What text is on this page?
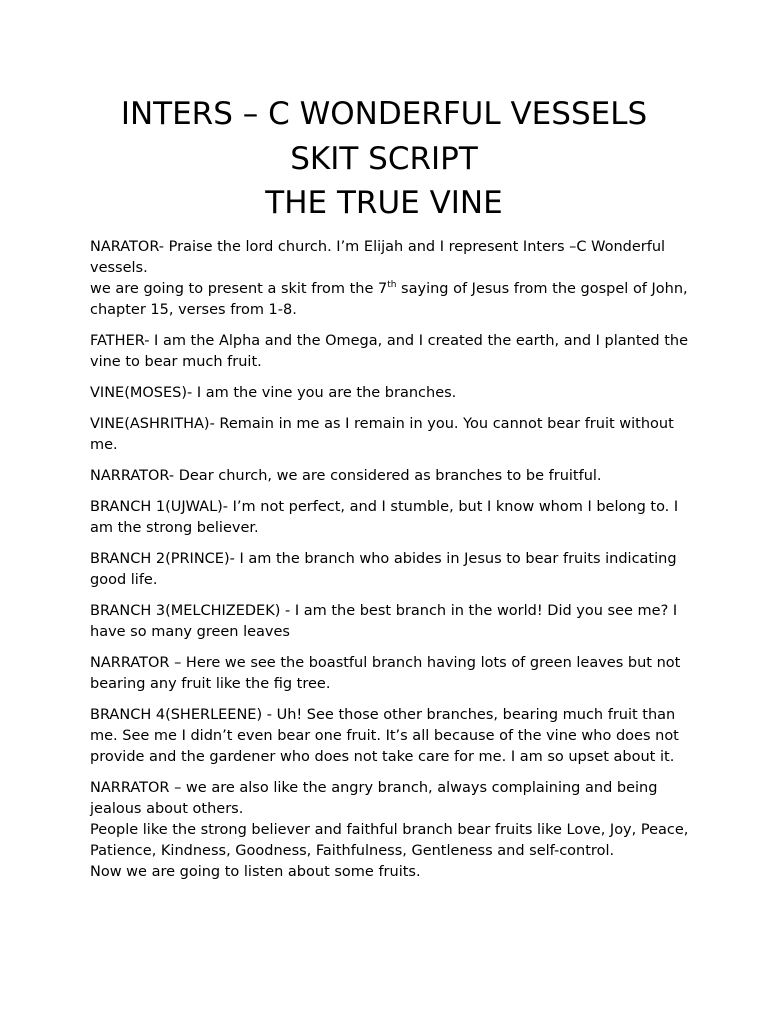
INTERS – C WONDERFUL VESSELS
SKIT SCRIPT
THE TRUE VINE

NARATOR- Praise the lord church. I’m Elijah and I represent Inters –C Wonderful vessels.
we are going to present a skit from the 7th saying of Jesus from the gospel of John, chapter 15, verses from 1-8.

FATHER- I am the Alpha and the Omega, and I created the earth, and I planted the vine to bear much fruit.

VINE(MOSES)- I am the vine you are the branches.

VINE(ASHRITHA)- Remain in me as I remain in you. You cannot bear fruit without me.

NARRATOR- Dear church, we are considered as branches to be fruitful.

BRANCH 1(UJWAL)- I’m not perfect, and I stumble, but I know whom I belong to. I am the strong believer.

BRANCH 2(PRINCE)- I am the branch who abides in Jesus to bear fruits indicating good life.

BRANCH 3(MELCHIZEDEK) - I am the best branch in the world! Did you see me? I have so many green leaves

NARRATOR – Here we see the boastful branch having lots of green leaves but not bearing any fruit like the fig tree.

BRANCH 4(SHERLEENE) - Uh! See those other branches, bearing much fruit than me. See me I didn’t even bear one fruit. It’s all because of the vine who does not provide and the gardener who does not take care for me. I am so upset about it.

NARRATOR – we are also like the angry branch, always complaining and being jealous about others.
People like the strong believer and faithful branch bear fruits like Love, Joy, Peace, Patience, Kindness, Goodness, Faithfulness, Gentleness and self-control.
Now we are going to listen about some fruits.
